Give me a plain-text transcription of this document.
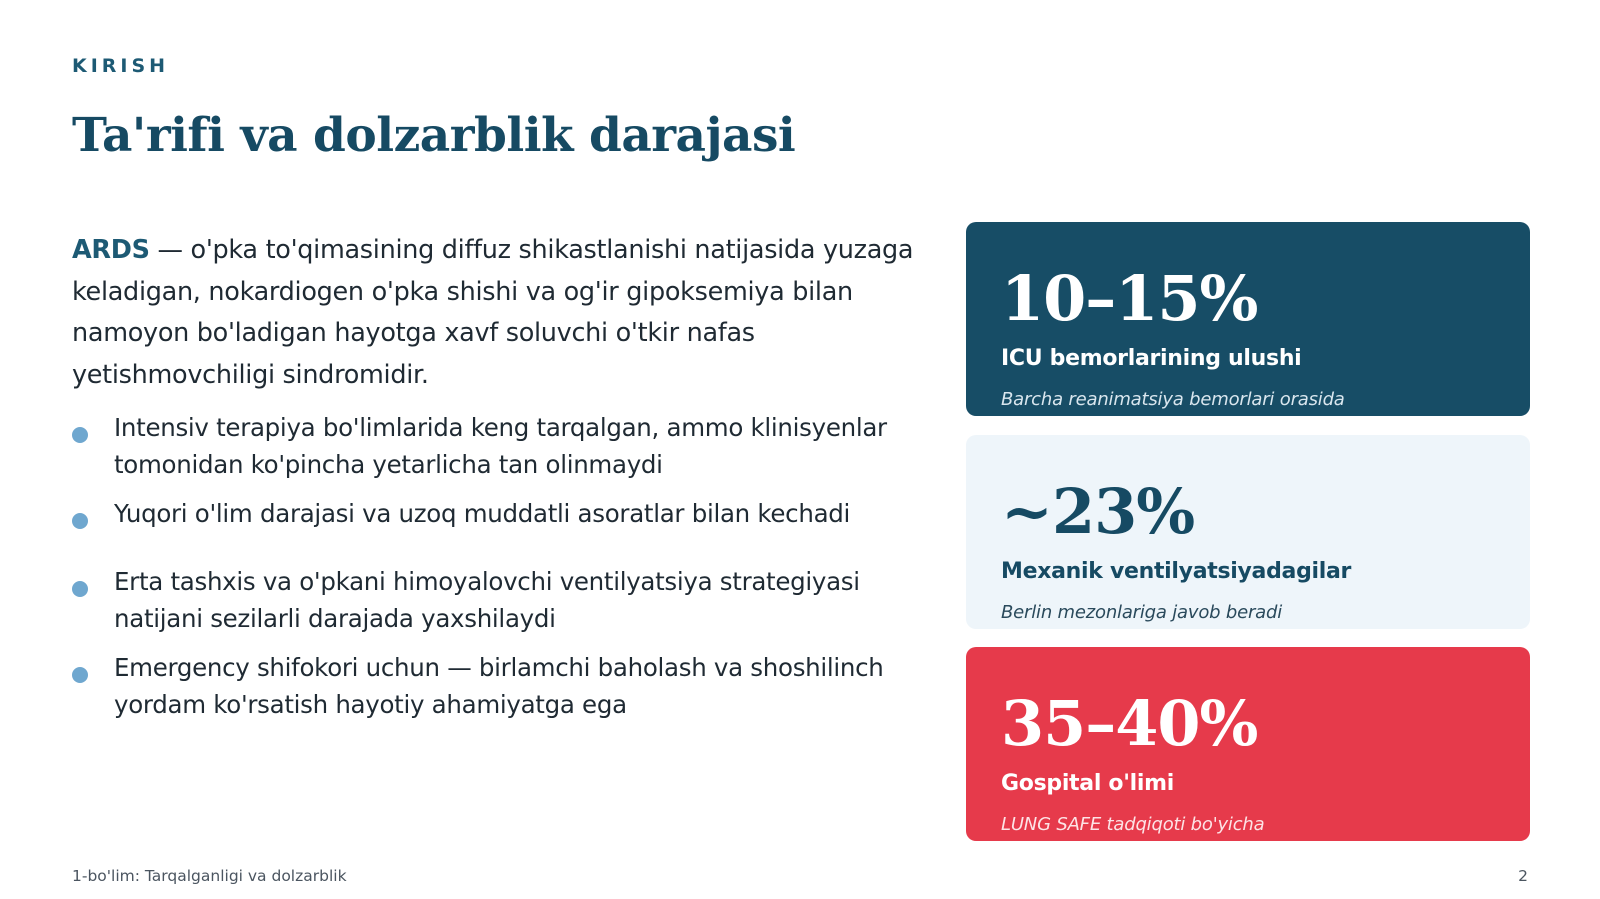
KIRISH
Ta'rifi va dolzarblik darajasi

ARDS — o'pka to'qimasining diffuz shikastlanishi natijasida yuzaga keladigan, nokardiogen o'pka shishi va og'ir gipoksemiya bilan namoyon bo'ladigan hayotga xavf soluvchi o'tkir nafas yetishmovchiligi sindromidir.

Intensiv terapiya bo'limlarida keng tarqalgan, ammo klinisyenlar tomonidan ko'pincha yetarlicha tan olinmaydi
Yuqori o'lim darajasi va uzoq muddatli asoratlar bilan kechadi
Erta tashxis va o'pkani himoyalovchi ventilyatsiya strategiyasi natijani sezilarli darajada yaxshilaydi
Emergency shifokori uchun — birlamchi baholash va shoshilinch yordam ko'rsatish hayotiy ahamiyatga ega
10–15%
ICU bemorlarining ulushi
Barcha reanimatsiya bemorlari orasida
~23%
Mexanik ventilyatsiyadagilar
Berlin mezonlariga javob beradi
35–40%
Gospital o'limi
LUNG SAFE tadqiqoti bo'yicha
1-bo'lim: Tarqalganligi va dolzarblik	2
